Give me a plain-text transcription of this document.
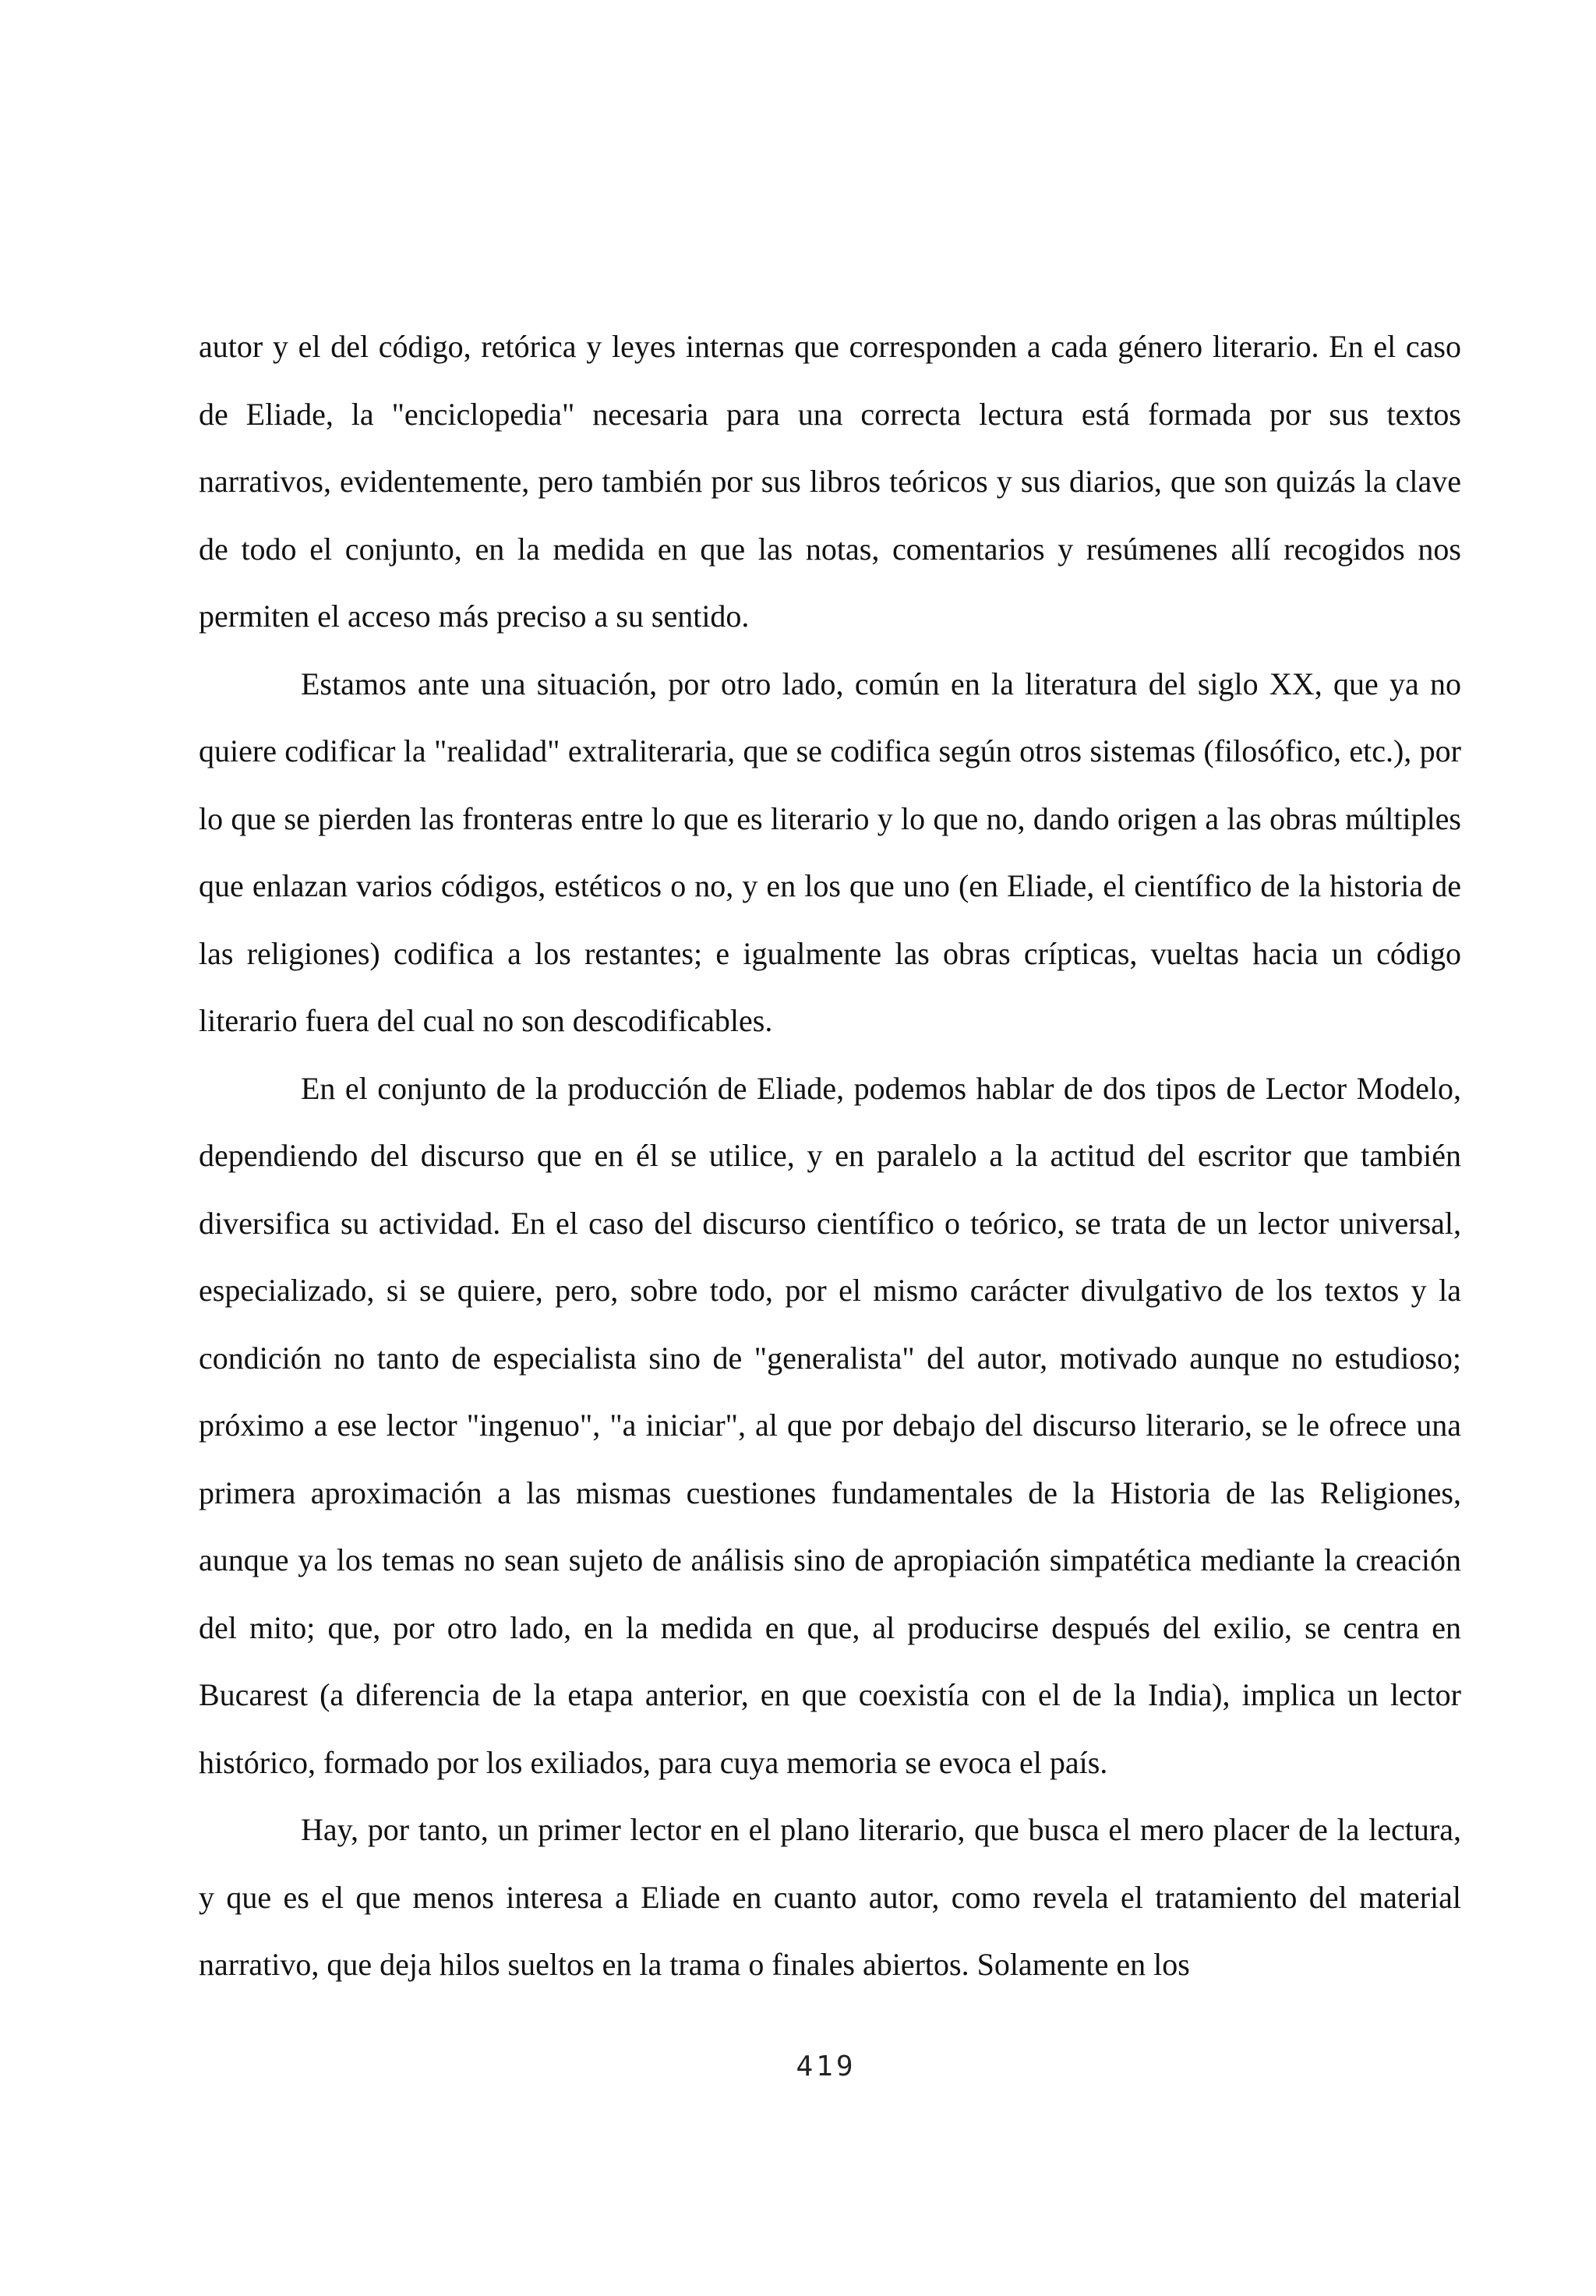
autor y el del código, retórica y leyes internas que corresponden a cada género literario. En el caso de Eliade, la "enciclopedia" necesaria para una correcta lectura está formada por sus textos narrativos, evidentemente, pero también por sus libros teóricos y sus diarios, que son quizás la clave de todo el conjunto, en la medida en que las notas, comentarios y resúmenes allí recogidos nos permiten el acceso más preciso a su sentido.

Estamos ante una situación, por otro lado, común en la literatura del siglo XX, que ya no quiere codificar la "realidad" extraliteraria, que se codifica según otros sistemas (filosófico, etc.), por lo que se pierden las fronteras entre lo que es literario y lo que no, dando origen a las obras múltiples que enlazan varios códigos, estéticos o no, y en los que uno (en Eliade, el científico de la historia de las religiones) codifica a los restantes; e igualmente las obras crípticas, vueltas hacia un código literario fuera del cual no son descodificables.

En el conjunto de la producción de Eliade, podemos hablar de dos tipos de Lector Modelo, dependiendo del discurso que en él se utilice, y en paralelo a la actitud del escritor que también diversifica su actividad. En el caso del discurso científico o teórico, se trata de un lector universal, especializado, si se quiere, pero, sobre todo, por el mismo carácter divulgativo de los textos y la condición no tanto de especialista sino de "generalista" del autor, motivado aunque no estudioso; próximo a ese lector "ingenuo", "a iniciar", al que por debajo del discurso literario, se le ofrece una primera aproximación a las mismas cuestiones fundamentales de la Historia de las Religiones, aunque ya los temas no sean sujeto de análisis sino de apropiación simpatética mediante la creación del mito; que, por otro lado, en la medida en que, al producirse después del exilio, se centra en Bucarest (a diferencia de la etapa anterior, en que coexistía con el de la India), implica un lector histórico, formado por los exiliados, para cuya memoria se evoca el país.

Hay, por tanto, un primer lector en el plano literario, que busca el mero placer de la lectura, y que es el que menos interesa a Eliade en cuanto autor, como revela el tratamiento del material narrativo, que deja hilos sueltos en la trama o finales abiertos. Solamente en los

419
